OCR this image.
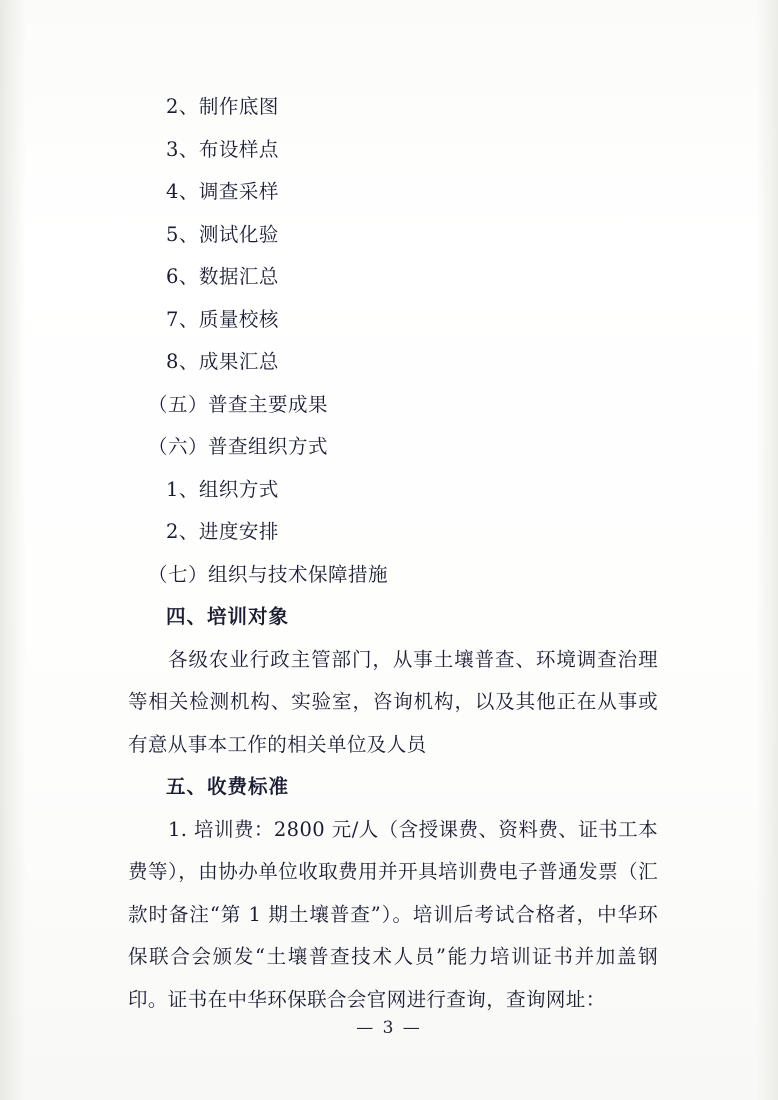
2、制作底图
3、布设样点
4、调查采样
5、测试化验
6、数据汇总
7、质量校核
8、成果汇总
（五）普查主要成果
（六）普查组织方式
1、组织方式
2、进度安排
（七）组织与技术保障措施
四、培训对象
各级农业行政主管部门，从事土壤普查、环境调查治理等相关检测机构、实验室，咨询机构，以及其他正在从事或有意从事本工作的相关单位及人员
五、收费标准
1. 培训费：2800 元/人（含授课费、资料费、证书工本费等），由协办单位收取费用并开具培训费电子普通发票（汇款时备注“第 1 期土壤普查”）。培训后考试合格者，中华环保联合会颁发“土壤普查技术人员”能力培训证书并加盖钢印。证书在中华环保联合会官网进行查询，查询网址：
— 3 —
